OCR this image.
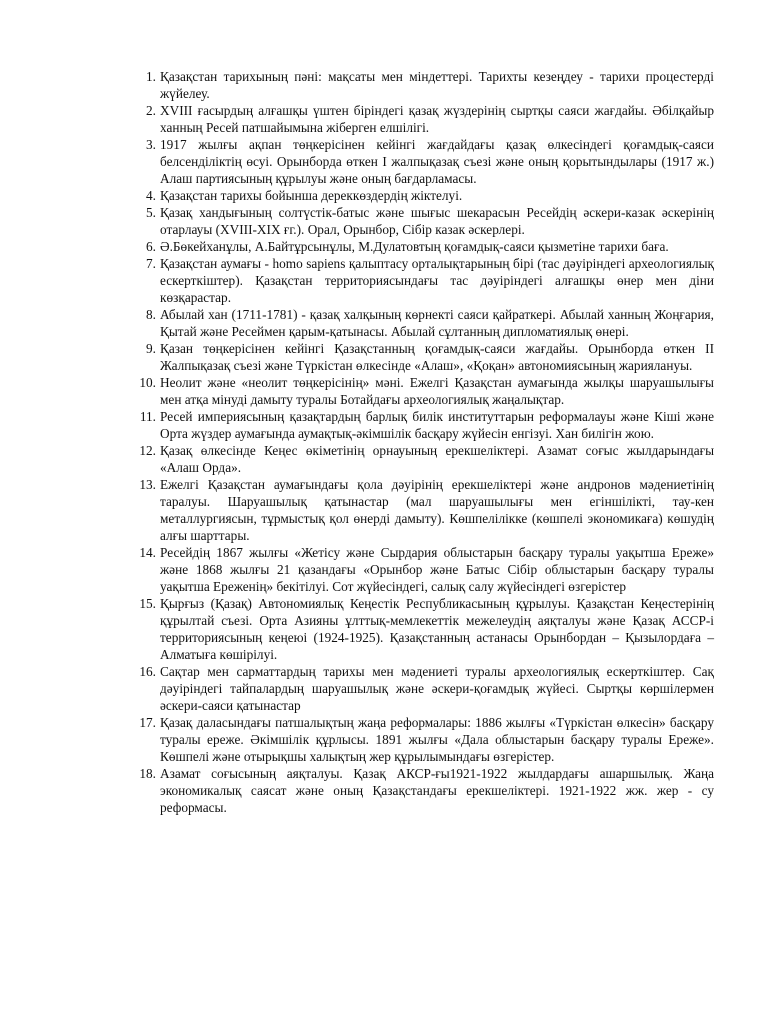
1. Қазақстан тарихының пәні: мақсаты мен міндеттері. Тарихты кезеңдеу - тарихи процестерді жүйелеу.
2. XVIII ғасырдың алғашқы үштен біріндегі қазақ жүздерінің сыртқы саяси жағдайы. Әбілқайыр ханның Ресей патшайымына жіберген елшілігі.
3. 1917 жылғы ақпан төңкерісінен кейінгі жағдайдағы қазақ өлкесіндегі қоғамдық-саяси белсенділіктің өсуі. Орынборда өткен I жалпықазақ съезі және оның қорытындылары (1917 ж.) Алаш партиясының құрылуы және оның бағдарламасы.
4. Қазақстан тарихы бойынша дереккөздердің жіктелуі.
5. Қазақ хандығының солтүстік-батыс және шығыс шекарасын Ресейдің әскери-казак әскерінің отарлауы (XVIII-XIX ғг.). Орал, Орынбор, Сібір казак әскерлері.
6. Ә.Бөкейханұлы, А.Байтұрсынұлы, М.Дулатовтың қоғамдық-саяси қызметіне тарихи баға.
7. Қазақстан аумағы - homo sapiens қалыптасу орталықтарының бірі (тас дәуіріндегі археологиялық ескерткіштер). Қазақстан территориясындағы тас дәуіріндегі алғашқы өнер мен діни көзқарастар.
8. Абылай хан (1711-1781) - қазақ халқының көрнекті саяси қайраткері. Абылай ханның Жоңғария, Қытай және Ресеймен қарым-қатынасы. Абылай сұлтанның дипломатиялық өнері.
9. Қазан төңкерісінен кейінгі Қазақстанның қоғамдық-саяси жағдайы. Орынборда өткен II Жалпықазақ съезі және Түркістан өлкесінде «Алаш», «Қоқан» автономиясының жариялануы.
10. Неолит және «неолит төңкерісінің» мәні. Ежелгі Қазақстан аумағында жылқы шаруашылығы мен атқа мінуді дамыту туралы Ботайдағы археологиялық жаңалықтар.
11. Ресей империясының қазақтардың барлық билік институттарын реформалауы және Кіші және Орта жүздер аумағында аумақтық-әкімшілік басқару жүйесін енгізуі. Хан билігін жою.
12. Қазақ өлкесінде Кеңес өкіметінің орнауының ерекшеліктері. Азамат соғыс жылдарындағы «Алаш Орда».
13. Ежелгі Қазақстан аумағындағы қола дәуірінің ерекшеліктері және андронов мәдениетінің таралуы. Шаруашылық қатынастар (мал шаруашылығы мен егіншілікті, тау-кен металлургиясын, тұрмыстық қол өнерді дамыту). Көшпелілікке (көшпелі экономикаға) көшудің алғы шарттары.
14. Ресейдің 1867 жылғы «Жетісу және Сырдария облыстарын басқару туралы уақытша Ереже» және 1868 жылғы 21 қазандағы «Орынбор және Батыс Сібір облыстарын басқару туралы уақытша Ереженің» бекітілуі. Сот жүйесіндегі, салық салу жүйесіндегі өзгерістер
15. Қырғыз (Қазақ) Автономиялық Кеңестік Республикасының құрылуы. Қазақстан Кеңестерінің құрылтай съезі. Орта Азияны ұлттық-мемлекеттік межелеудің аяқталуы және Қазақ АССР-і территориясының кеңеюі (1924-1925). Қазақстанның астанасы Орынбордан – Қызылордаға – Алматыға көшірілуі.
16. Сақтар мен сарматтардың тарихы мен мәдениеті туралы археологиялық ескерткіштер. Сақ дәуіріндегі тайпалардың шаруашылық және әскери-қоғамдық жүйесі. Сыртқы көршілермен әскери-саяси қатынастар
17. Қазақ даласындағы патшалықтың жаңа реформалары: 1886 жылғы «Түркістан өлкесін» басқару туралы ереже. Әкімшілік құрлысы. 1891 жылғы «Дала облыстарын басқару туралы Ереже». Көшпелі және отырықшы халықтың жер құрылымындағы өзгерістер.
18. Азамат соғысының аяқталуы. Қазақ АКСР-ғы1921-1922 жылдардағы ашаршылық. Жаңа экономикалық саясат және оның Қазақстандағы ерекшеліктері. 1921-1922 жж. жер - су реформасы.
